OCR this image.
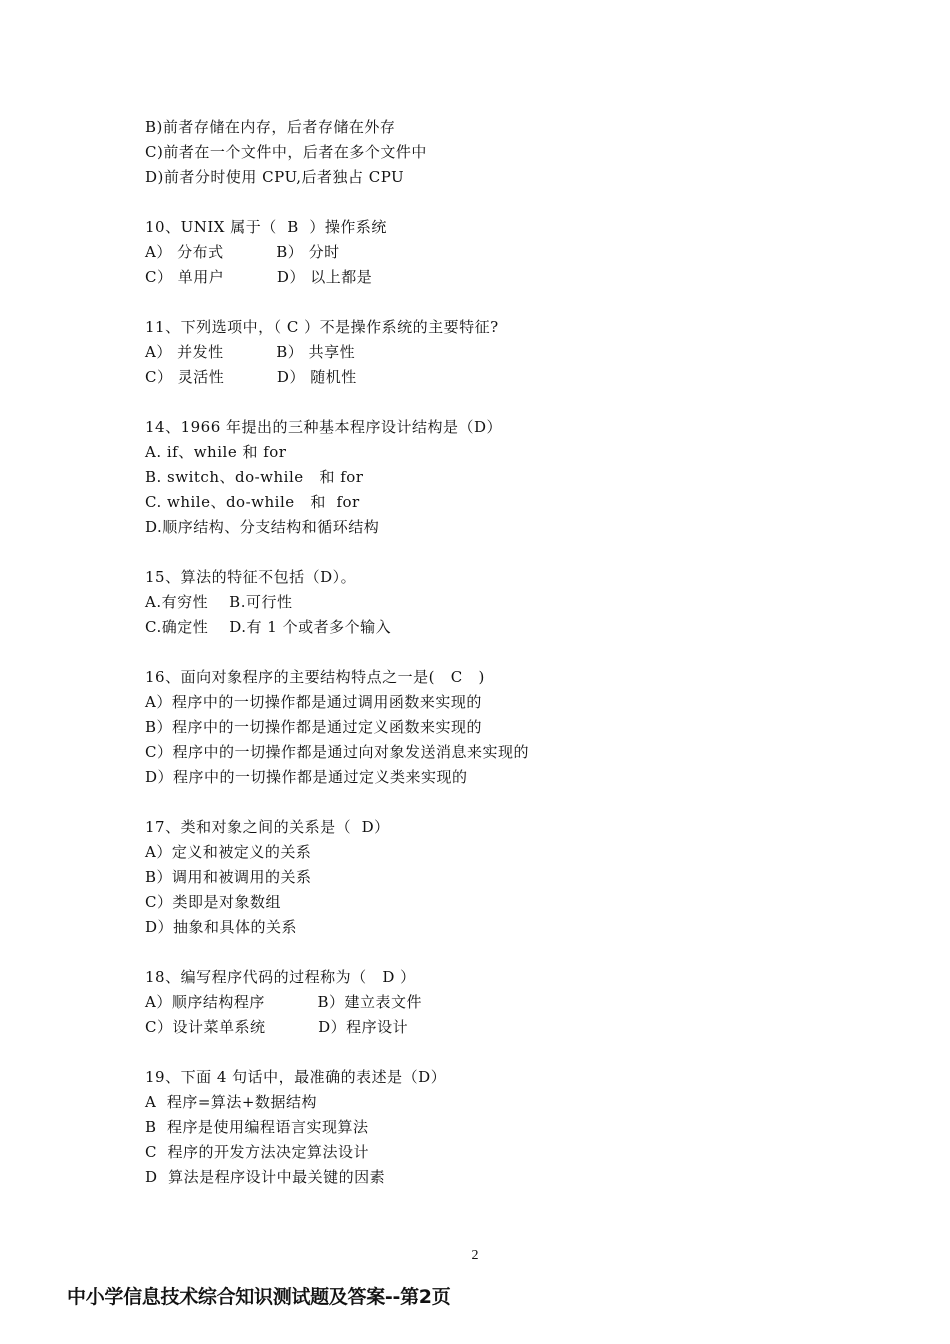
B)前者存储在内存，后者存储在外存
C)前者在一个文件中，后者在多个文件中
D)前者分时使用 CPU,后者独占 CPU
10、UNIX 属于（  B  ）操作系统
A） 分布式          B） 分时
C） 单用户          D） 以上都是
11、下列选项中，（ C ）不是操作系统的主要特征?
A） 并发性          B） 共享性
C） 灵活性          D） 随机性
14、1966 年提出的三种基本程序设计结构是（D）
A. if、while 和 for
B. switch、do-while   和 for
C. while、do-while   和  for
D.顺序结构、分支结构和循环结构
15、算法的特征不包括（D）。
A.有穷性    B.可行性
C.确定性    D.有 1 个或者多个输入
16、面向对象程序的主要结构特点之一是(   C   )
A）程序中的一切操作都是通过调用函数来实现的
B）程序中的一切操作都是通过定义函数来实现的
C）程序中的一切操作都是通过向对象发送消息来实现的
D）程序中的一切操作都是通过定义类来实现的
17、类和对象之间的关系是（  D）
A）定义和被定义的关系
B）调用和被调用的关系
C）类即是对象数组
D）抽象和具体的关系
18、编写程序代码的过程称为（   D ）
A）顺序结构程序          B）建立表文件
C）设计菜单系统          D）程序设计
19、下面 4 句话中，最准确的表述是（D）
A  程序=算法+数据结构
B  程序是使用编程语言实现算法
C  程序的开发方法决定算法设计
D  算法是程序设计中最关键的因素
2
中小学信息技术综合知识测试题及答案--第2页
